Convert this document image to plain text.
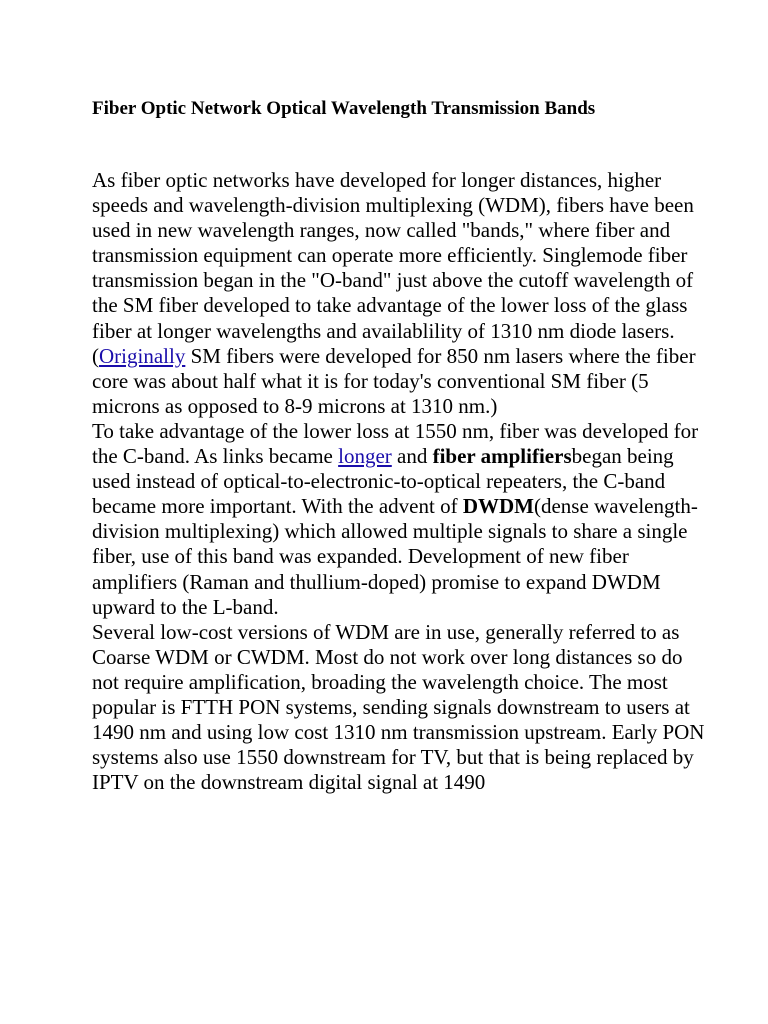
Fiber Optic Network Optical Wavelength Transmission Bands

As fiber optic networks have developed for longer distances, higher speeds and wavelength-division multiplexing (WDM), fibers have been used in new wavelength ranges, now called "bands," where fiber and transmission equipment can operate more efficiently. Singlemode fiber transmission began in the "O-band" just above the cutoff wavelength of the SM fiber developed to take advantage of the lower loss of the glass fiber at longer wavelengths and availablility of 1310 nm diode lasers. (Originally SM fibers were developed for 850 nm lasers where the fiber core was about half what it is for today's conventional SM fiber (5 microns as opposed to 8-9 microns at 1310 nm.)

To take advantage of the lower loss at 1550 nm, fiber was developed for the C-band. As links became longer and fiber amplifiersbegan being used instead of optical-to-electronic-to-optical repeaters, the C-band became more important. With the advent of DWDM(dense wavelength-division multiplexing) which allowed multiple signals to share a single fiber, use of this band was expanded. Development of new fiber amplifiers (Raman and thullium-doped) promise to expand DWDM upward to the L-band.

Several low-cost versions of WDM are in use, generally referred to as Coarse WDM or CWDM. Most do not work over long distances so do not require amplification, broading the wavelength choice. The most popular is FTTH PON systems, sending signals downstream to users at 1490 nm and using low cost 1310 nm transmission upstream. Early PON systems also use 1550 downstream for TV, but that is being replaced by IPTV on the downstream digital signal at 1490
